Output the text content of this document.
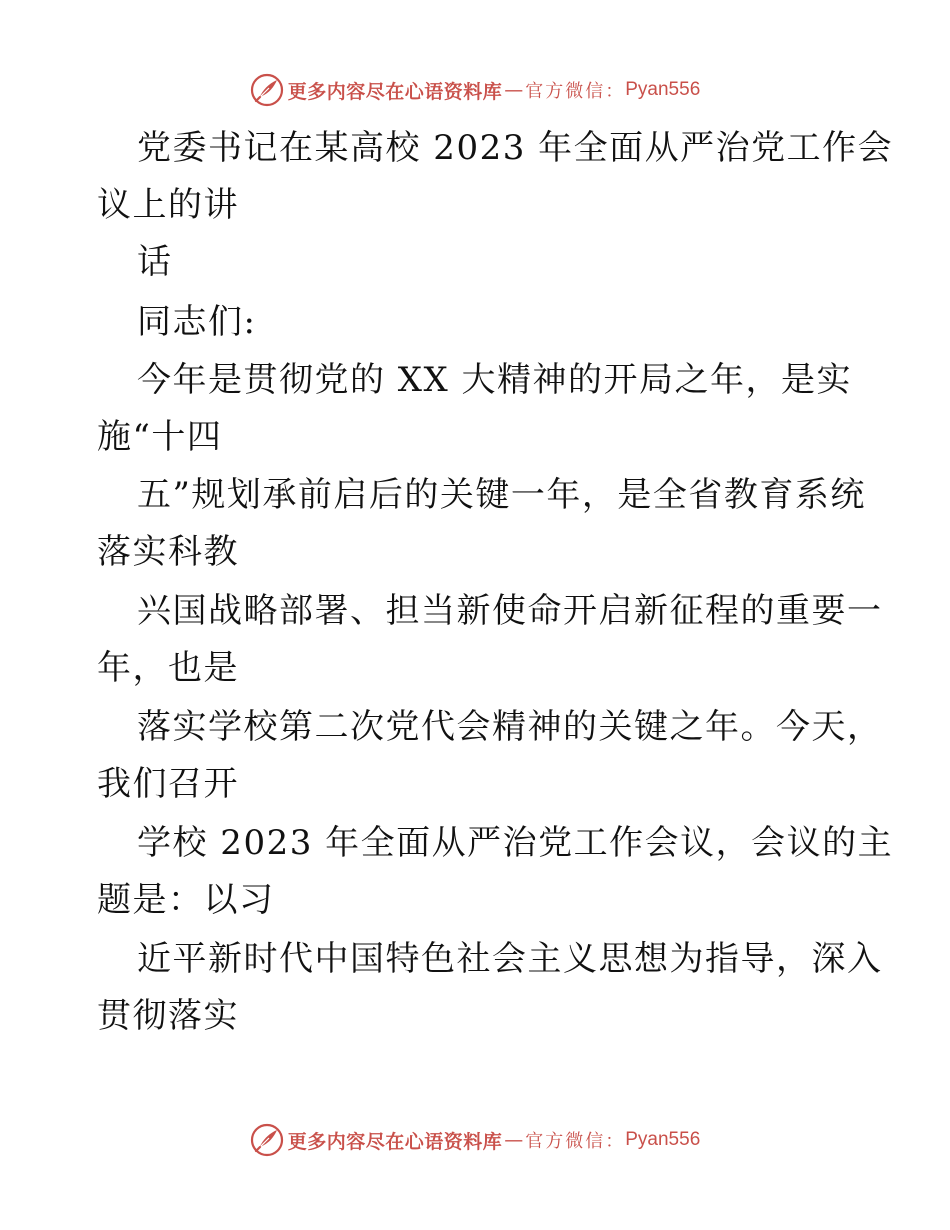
更多内容尽在心语资料库 — 官方微信： Pyan556
党委书记在某高校 2023 年全面从严治党工作会
议上的讲
话
同志们:
今年是贯彻党的 XX 大精神的开局之年，是实
施“十四
五”规划承前启后的关键一年，是全省教育系统
落实科教
兴国战略部署、担当新使命开启新征程的重要一
年，也是
落实学校第二次党代会精神的关键之年。今天，
我们召开
学校 2023 年全面从严治党工作会议，会议的主
题是：以习
近平新时代中国特色社会主义思想为指导，深入
贯彻落实
更多内容尽在心语资料库 — 官方微信： Pyan556
